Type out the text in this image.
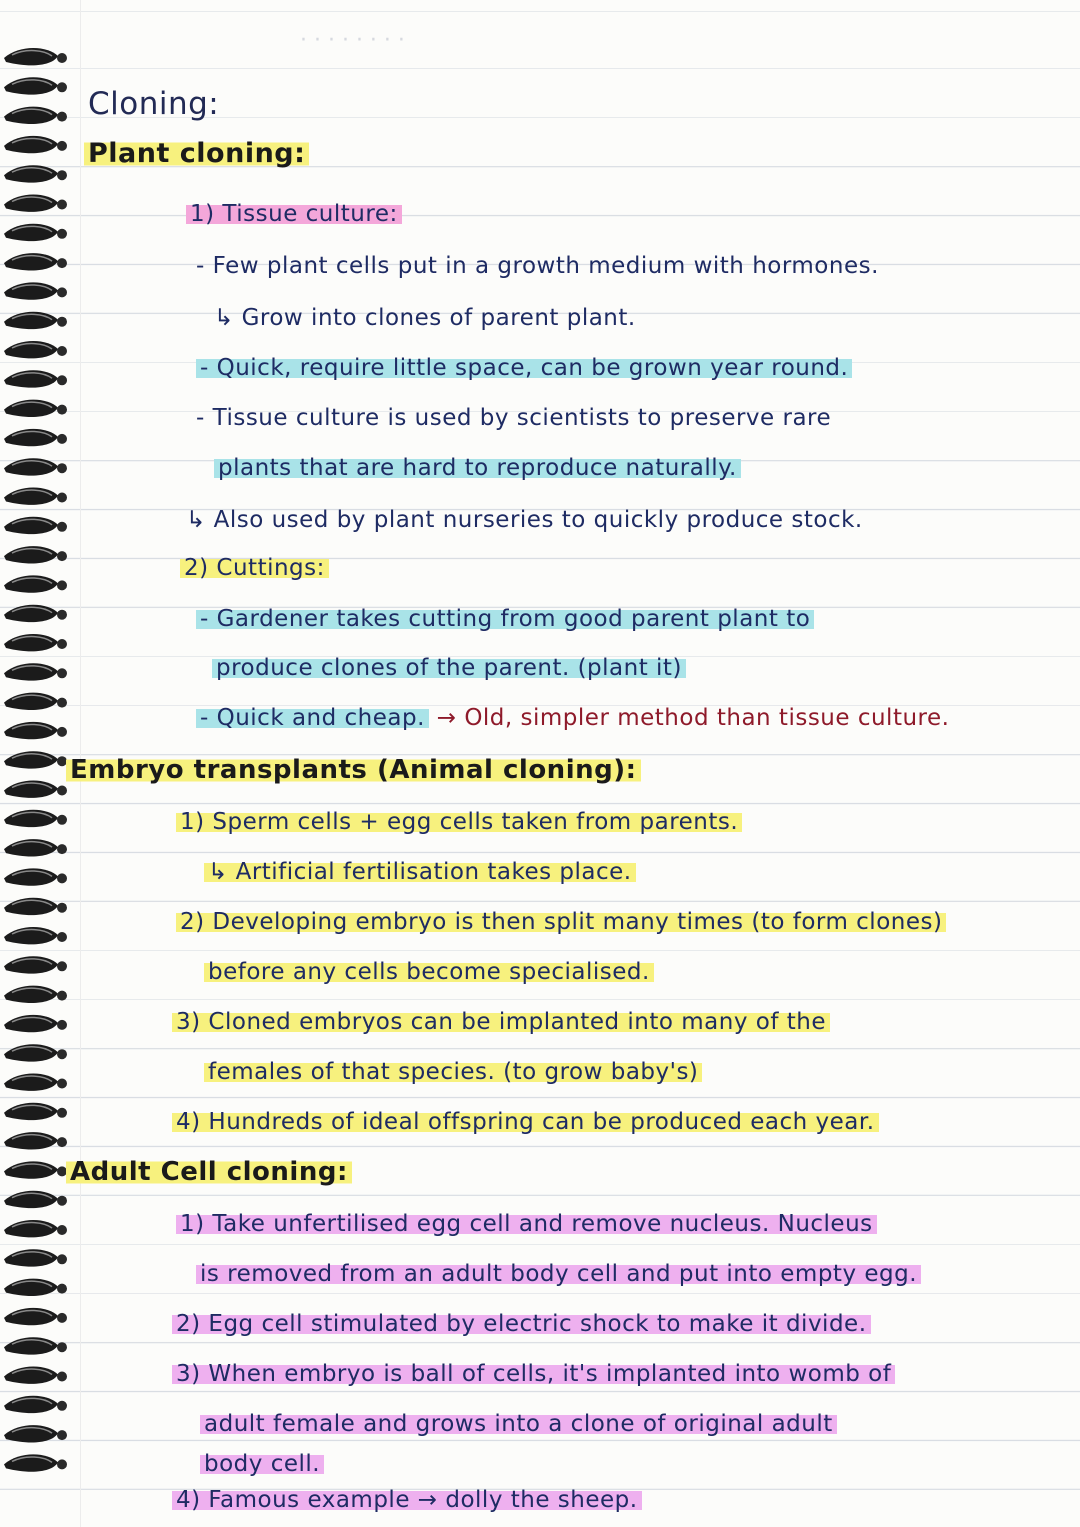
· · · · · · · ·
Cloning:
Plant cloning:
1) Tissue culture:
- Few plant cells put in a growth medium with hormones.
↳ Grow into clones of parent plant.
- Quick, require little space, can be grown year round.
- Tissue culture is used by scientists to preserve rare
plants that are hard to reproduce naturally.
↳ Also used by plant nurseries to quickly produce stock.
2) Cuttings:
- Gardener takes cutting from good parent plant to
produce clones of the parent. (plant it)
- Quick and cheap. → Old, simpler method than tissue culture.
Embryo transplants (Animal cloning):
1) Sperm cells + egg cells taken from parents.
↳ Artificial fertilisation takes place.
2) Developing embryo is then split many times (to form clones)
before any cells become specialised.
3) Cloned embryos can be implanted into many of the
females of that species. (to grow baby's)
4) Hundreds of ideal offspring can be produced each year.
Adult Cell cloning:
1) Take unfertilised egg cell and remove nucleus. Nucleus
is removed from an adult body cell and put into empty egg.
2) Egg cell stimulated by electric shock to make it divide.
3) When embryo is ball of cells, it's implanted into womb of
adult female and grows into a clone of original adult
body cell.
4) Famous example → dolly the sheep.
